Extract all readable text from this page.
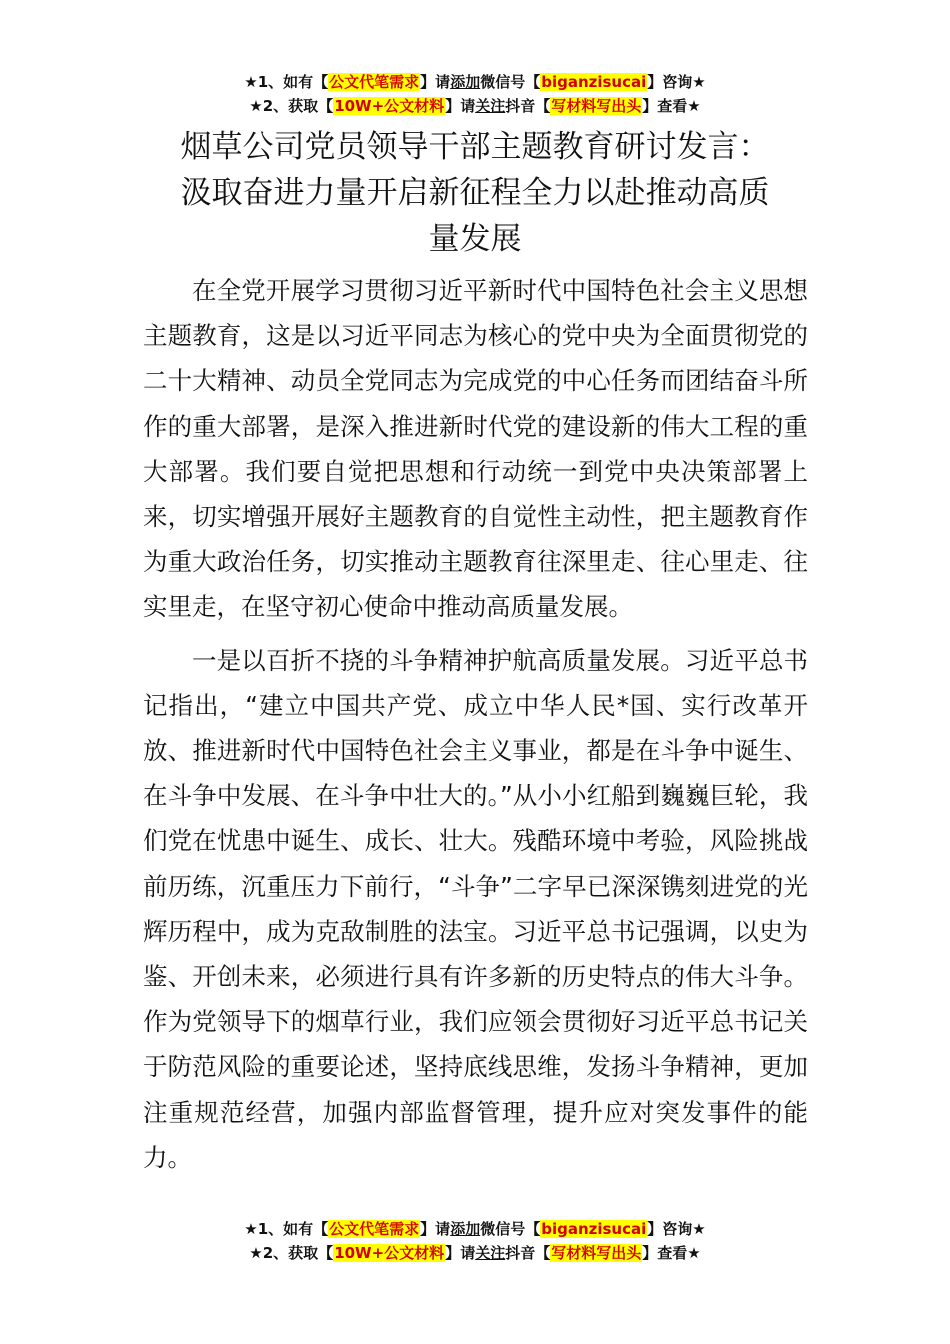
★1、如有【公文代笔需求】请添加微信号【biganzisucai】咨询★
★2、获取【10W+公文材料】请关注抖音【写材料写出头】查看★
烟草公司党员领导干部主题教育研讨发言：
汲取奋进力量开启新征程全力以赴推动高质
量发展

在全党开展学习贯彻习近平新时代中国特色社会主义思想主题教育，这是以习近平同志为核心的党中央为全面贯彻党的二十大精神、动员全党同志为完成党的中心任务而团结奋斗所作的重大部署，是深入推进新时代党的建设新的伟大工程的重大部署。我们要自觉把思想和行动统一到党中央决策部署上来，切实增强开展好主题教育的自觉性主动性，把主题教育作为重大政治任务，切实推动主题教育往深里走、往心里走、往实里走，在坚守初心使命中推动高质量发展。

一是以百折不挠的斗争精神护航高质量发展。习近平总书记指出，“建立中国共产党、成立中华人民*国、实行改革开放、推进新时代中国特色社会主义事业，都是在斗争中诞生、在斗争中发展、在斗争中壮大的。”从小小红船到巍巍巨轮，我们党在忧患中诞生、成长、壮大。残酷环境中考验，风险挑战前历练，沉重压力下前行，“斗争”二字早已深深镌刻进党的光辉历程中，成为克敌制胜的法宝。习近平总书记强调，以史为鉴、开创未来，必须进行具有许多新的历史特点的伟大斗争。作为党领导下的烟草行业，我们应领会贯彻好习近平总书记关于防范风险的重要论述，坚持底线思维，发扬斗争精神，更加注重规范经营，加强内部监督管理，提升应对突发事件的能力。

★1、如有【公文代笔需求】请添加微信号【biganzisucai】咨询★
★2、获取【10W+公文材料】请关注抖音【写材料写出头】查看★
